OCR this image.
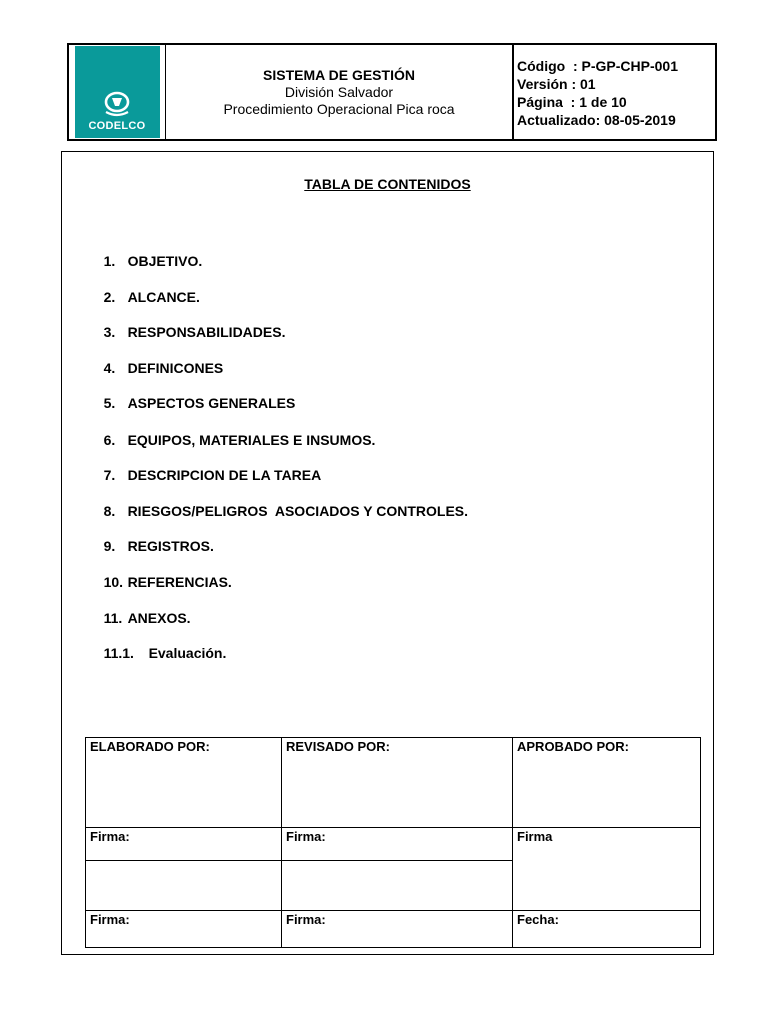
CODELCO
SISTEMA DE GESTIÓN
División Salvador
Procedimiento Operacional Pica roca
Código  : P-GP-CHP-001
Versión : 01
Página  : 1 de 10
Actualizado: 08-05-2019
TABLA DE CONTENIDOS

1. OBJETIVO.

2. ALCANCE.

3. RESPONSABILIDADES.

4. DEFINICONES

5. ASPECTOS GENERALES

6. EQUIPOS, MATERIALES E INSUMOS.

7. DESCRIPCION DE LA TAREA

8. RIESGOS/PELIGROS  ASOCIADOS Y CONTROLES.

9. REGISTROS.

10. REFERENCIAS.

11. ANEXOS.

11.1. Evaluación.

ELABORADO POR:	REVISADO POR:	APROBADO POR:
Firma:	Firma:	Firma

Firma:	Firma:	Fecha:
